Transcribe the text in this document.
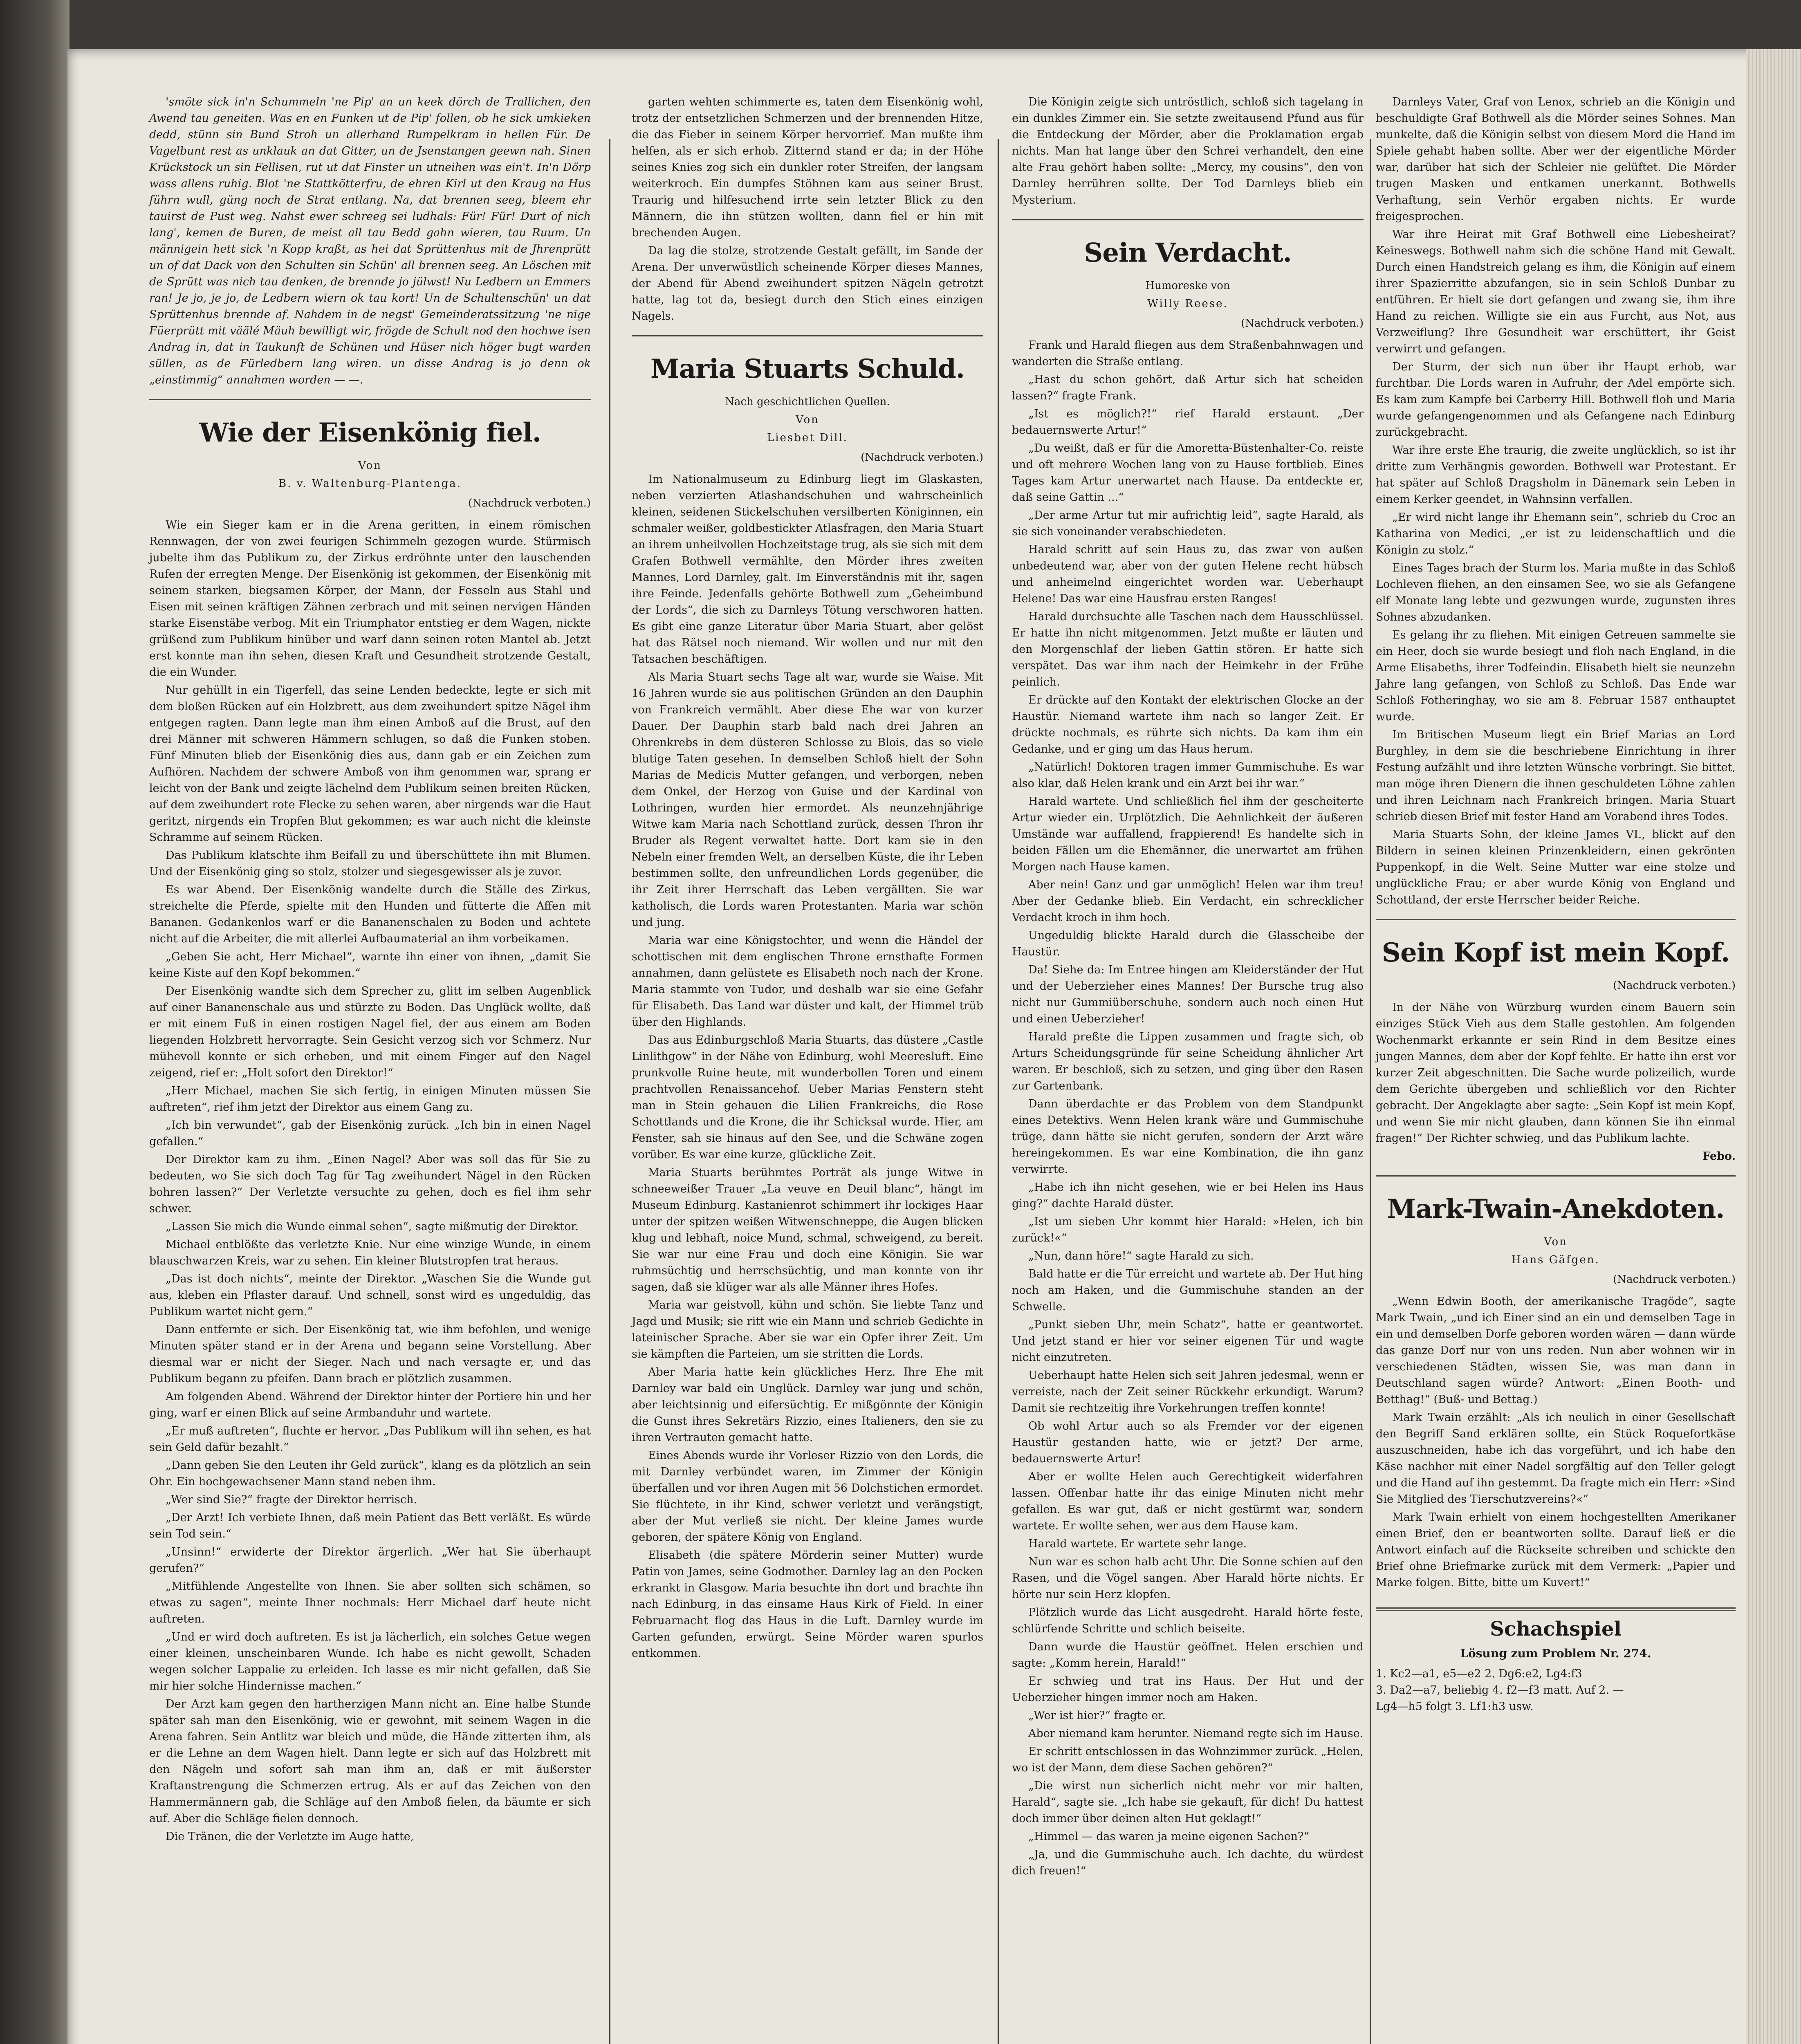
'smöte sick in'n Schummeln 'ne Pip' an un keek dörch de Trallichen, den Awend tau geneiten. Was en en Funken ut de Pip' follen, ob he sick umkieken dedd, stünn sin Bund Stroh un allerhand Rumpelkram in hellen Für. De Vagelbunt rest as unklauk an dat Gitter, un de Jsenstangen geewn nah. Sinen Krückstock un sin Fellisen, rut ut dat Finster un utneihen was ein't. In'n Dörp wass allens ruhig. Blot 'ne Stattkötterfru, de ehren Kirl ut den Kraug na Hus führn wull, güng noch de Strat entlang. Na, dat brennen seeg, bleem ehr tauirst de Pust weg. Nahst ewer schreeg sei ludhals: Für! Für! Durt of nich lang', kemen de Buren, de meist all tau Bedd gahn wieren, tau Ruum. Un männigein hett sick 'n Kopp kraßt, as hei dat Sprüttenhus mit de Jhrenprütt un of dat Dack von den Schulten sin Schün' all brennen seeg. An Löschen mit de Sprütt was nich tau denken, de brennde jo jülwst! Nu Ledbern un Emmers ran! Je jo, je jo, de Ledbern wiern ok tau kort! Un de Schultenschün' un dat Sprüttenhus brennde af. Nahdem in de negst' Gemeinderatssitzung 'ne nige Füerprütt mit väälé Mäuh bewilligt wir, frögde de Schult nod den hochwe isen Andrag in, dat in Taukunft de Schünen und Hüser nich höger bugt warden süllen, as de Fürledbern lang wiren. un disse Andrag is jo denn ok „einstimmig“ annahmen worden — —.

Wie der Eisenkönig fiel.
Von
B. v. Waltenburg-Plantenga.
(Nachdruck verboten.)

Wie ein Sieger kam er in die Arena geritten, in einem römischen Rennwagen, der von zwei feurigen Schimmeln gezogen wurde. Stürmisch jubelte ihm das Publikum zu, der Zirkus erdröhnte unter den lauschenden Rufen der erregten Menge. Der Eisenkönig ist gekommen, der Eisenkönig mit seinem starken, biegsamen Körper, der Mann, der Fesseln aus Stahl und Eisen mit seinen kräftigen Zähnen zerbrach und mit seinen nervigen Händen starke Eisenstäbe verbog. Mit ein Triumphator entstieg er dem Wagen, nickte grüßend zum Publikum hinüber und warf dann seinen roten Mantel ab. Jetzt erst konnte man ihn sehen, diesen Kraft und Gesundheit strotzende Gestalt, die ein Wunder.

Nur gehüllt in ein Tigerfell, das seine Lenden bedeckte, legte er sich mit dem bloßen Rücken auf ein Holzbrett, aus dem zweihundert spitze Nägel ihm entgegen ragten. Dann legte man ihm einen Amboß auf die Brust, auf den drei Männer mit schweren Hämmern schlugen, so daß die Funken stoben. Fünf Minuten blieb der Eisenkönig dies aus, dann gab er ein Zeichen zum Aufhören. Nachdem der schwere Amboß von ihm genommen war, sprang er leicht von der Bank und zeigte lächelnd dem Publikum seinen breiten Rücken, auf dem zweihundert rote Flecke zu sehen waren, aber nirgends war die Haut geritzt, nirgends ein Tropfen Blut gekommen; es war auch nicht die kleinste Schramme auf seinem Rücken.

Das Publikum klatschte ihm Beifall zu und überschüttete ihn mit Blumen. Und der Eisenkönig ging so stolz, stolzer und siegesgewisser als je zuvor.

Es war Abend. Der Eisenkönig wandelte durch die Ställe des Zirkus, streichelte die Pferde, spielte mit den Hunden und fütterte die Affen mit Bananen. Gedankenlos warf er die Bananenschalen zu Boden und achtete nicht auf die Arbeiter, die mit allerlei Aufbaumaterial an ihm vorbeikamen.

„Geben Sie acht, Herr Michael“, warnte ihn einer von ihnen, „damit Sie keine Kiste auf den Kopf bekommen.“

Der Eisenkönig wandte sich dem Sprecher zu, glitt im selben Augenblick auf einer Bananenschale aus und stürzte zu Boden. Das Unglück wollte, daß er mit einem Fuß in einen rostigen Nagel fiel, der aus einem am Boden liegenden Holzbrett hervorragte. Sein Gesicht verzog sich vor Schmerz. Nur mühevoll konnte er sich erheben, und mit einem Finger auf den Nagel zeigend, rief er: „Holt sofort den Direktor!“

„Herr Michael, machen Sie sich fertig, in einigen Minuten müssen Sie auftreten“, rief ihm jetzt der Direktor aus einem Gang zu.

„Ich bin verwundet“, gab der Eisenkönig zurück. „Ich bin in einen Nagel gefallen.“

Der Direktor kam zu ihm. „Einen Nagel? Aber was soll das für Sie zu bedeuten, wo Sie sich doch Tag für Tag zweihundert Nägel in den Rücken bohren lassen?“ Der Verletzte versuchte zu gehen, doch es fiel ihm sehr schwer.

„Lassen Sie mich die Wunde einmal sehen“, sagte mißmutig der Direktor.

Michael entblößte das verletzte Knie. Nur eine winzige Wunde, in einem blauschwarzen Kreis, war zu sehen. Ein kleiner Blutstropfen trat heraus.

„Das ist doch nichts“, meinte der Direktor. „Waschen Sie die Wunde gut aus, kleben ein Pflaster darauf. Und schnell, sonst wird es ungeduldig, das Publikum wartet nicht gern.“

Dann entfernte er sich. Der Eisenkönig tat, wie ihm befohlen, und wenige Minuten später stand er in der Arena und begann seine Vorstellung. Aber diesmal war er nicht der Sieger. Nach und nach versagte er, und das Publikum begann zu pfeifen. Dann brach er plötzlich zusammen.

Am folgenden Abend. Während der Direktor hinter der Portiere hin und her ging, warf er einen Blick auf seine Armbanduhr und wartete.

„Er muß auftreten“, fluchte er hervor. „Das Publikum will ihn sehen, es hat sein Geld dafür bezahlt.“

„Dann geben Sie den Leuten ihr Geld zurück“, klang es da plötzlich an sein Ohr. Ein hochgewachsener Mann stand neben ihm.

„Wer sind Sie?“ fragte der Direktor herrisch.

„Der Arzt! Ich verbiete Ihnen, daß mein Patient das Bett verläßt. Es würde sein Tod sein.“

„Unsinn!“ erwiderte der Direktor ärgerlich. „Wer hat Sie überhaupt gerufen?“

„Mitfühlende Angestellte von Ihnen. Sie aber sollten sich schämen, so etwas zu sagen“, meinte Ihner nochmals: Herr Michael darf heute nicht auftreten.

„Und er wird doch auftreten. Es ist ja lächerlich, ein solches Getue wegen einer kleinen, unscheinbaren Wunde. Ich habe es nicht gewollt, Schaden wegen solcher Lappalie zu erleiden. Ich lasse es mir nicht gefallen, daß Sie mir hier solche Hindernisse machen.“

Der Arzt kam gegen den hartherzigen Mann nicht an. Eine halbe Stunde später sah man den Eisenkönig, wie er gewohnt, mit seinem Wagen in die Arena fahren. Sein Antlitz war bleich und müde, die Hände zitterten ihm, als er die Lehne an dem Wagen hielt. Dann legte er sich auf das Holzbrett mit den Nägeln und sofort sah man ihm an, daß er mit äußerster Kraftanstrengung die Schmerzen ertrug. Als er auf das Zeichen von den Hammermännern gab, die Schläge auf den Amboß fielen, da bäumte er sich auf. Aber die Schläge fielen dennoch.

Die Tränen, die der Verletzte im Auge hatte,

garten wehten schimmerte es, taten dem Eisenkönig wohl, trotz der entsetzlichen Schmerzen und der brennenden Hitze, die das Fieber in seinem Körper hervorrief. Man mußte ihm helfen, als er sich erhob. Zitternd stand er da; in der Höhe seines Knies zog sich ein dunkler roter Streifen, der langsam weiterkroch. Ein dumpfes Stöhnen kam aus seiner Brust. Traurig und hilfesuchend irrte sein letzter Blick zu den Männern, die ihn stützen wollten, dann fiel er hin mit brechenden Augen.

Da lag die stolze, strotzende Gestalt gefällt, im Sande der Arena. Der unverwüstlich scheinende Körper dieses Mannes, der Abend für Abend zweihundert spitzen Nägeln getrotzt hatte, lag tot da, besiegt durch den Stich eines einzigen Nagels.

Maria Stuarts Schuld.
Nach geschichtlichen Quellen.
Von
Liesbet Dill.
(Nachdruck verboten.)

Im Nationalmuseum zu Edinburg liegt im Glaskasten, neben verzierten Atlashandschuhen und wahrscheinlich kleinen, seidenen Stickelschuhen versilberten Königinnen, ein schmaler weißer, goldbestickter Atlasfragen, den Maria Stuart an ihrem unheilvollen Hochzeitstage trug, als sie sich mit dem Grafen Bothwell vermählte, den Mörder ihres zweiten Mannes, Lord Darnley, galt. Im Einverständnis mit ihr, sagen ihre Feinde. Jedenfalls gehörte Bothwell zum „Geheimbund der Lords“, die sich zu Darnleys Tötung verschworen hatten. Es gibt eine ganze Literatur über Maria Stuart, aber gelöst hat das Rätsel noch niemand. Wir wollen und nur mit den Tatsachen beschäftigen.

Als Maria Stuart sechs Tage alt war, wurde sie Waise. Mit 16 Jahren wurde sie aus politischen Gründen an den Dauphin von Frankreich vermählt. Aber diese Ehe war von kurzer Dauer. Der Dauphin starb bald nach drei Jahren an Ohrenkrebs in dem düsteren Schlosse zu Blois, das so viele blutige Taten gesehen. In demselben Schloß hielt der Sohn Marias de Medicis Mutter gefangen, und verborgen, neben dem Onkel, der Herzog von Guise und der Kardinal von Lothringen, wurden hier ermordet. Als neunzehnjährige Witwe kam Maria nach Schottland zurück, dessen Thron ihr Bruder als Regent verwaltet hatte. Dort kam sie in den Nebeln einer fremden Welt, an derselben Küste, die ihr Leben bestimmen sollte, den unfreundlichen Lords gegenüber, die ihr Zeit ihrer Herrschaft das Leben vergällten. Sie war katholisch, die Lords waren Protestanten. Maria war schön und jung.

Maria war eine Königstochter, und wenn die Händel der schottischen mit dem englischen Throne ernsthafte Formen annahmen, dann gelüstete es Elisabeth noch nach der Krone. Maria stammte von Tudor, und deshalb war sie eine Gefahr für Elisabeth. Das Land war düster und kalt, der Himmel trüb über den Highlands.

Das aus Edinburgschloß Maria Stuarts, das düstere „Castle Linlithgow“ in der Nähe von Edinburg, wohl Meeresluft. Eine prunkvolle Ruine heute, mit wunderbollen Toren und einem prachtvollen Renaissancehof. Ueber Marias Fenstern steht man in Stein gehauen die Lilien Frankreichs, die Rose Schottlands und die Krone, die ihr Schicksal wurde. Hier, am Fenster, sah sie hinaus auf den See, und die Schwäne zogen vorüber. Es war eine kurze, glückliche Zeit.

Maria Stuarts berühmtes Porträt als junge Witwe in schneeweißer Trauer „La veuve en Deuil blanc“, hängt im Museum Edinburg. Kastanienrot schimmert ihr lockiges Haar unter der spitzen weißen Witwenschneppe, die Augen blicken klug und lebhaft, noice Mund, schmal, schweigend, zu bereit. Sie war nur eine Frau und doch eine Königin. Sie war ruhmsüchtig und herrschsüchtig, und man konnte von ihr sagen, daß sie klüger war als alle Männer ihres Hofes.

Maria war geistvoll, kühn und schön. Sie liebte Tanz und Jagd und Musik; sie ritt wie ein Mann und schrieb Gedichte in lateinischer Sprache. Aber sie war ein Opfer ihrer Zeit. Um sie kämpften die Parteien, um sie stritten die Lords.

Aber Maria hatte kein glückliches Herz. Ihre Ehe mit Darnley war bald ein Unglück. Darnley war jung und schön, aber leichtsinnig und eifersüchtig. Er mißgönnte der Königin die Gunst ihres Sekretärs Rizzio, eines Italieners, den sie zu ihren Vertrauten gemacht hatte.

Eines Abends wurde ihr Vorleser Rizzio von den Lords, die mit Darnley verbündet waren, im Zimmer der Königin überfallen und vor ihren Augen mit 56 Dolchstichen ermordet. Sie flüchtete, in ihr Kind, schwer verletzt und verängstigt, aber der Mut verließ sie nicht. Der kleine James wurde geboren, der spätere König von England.

Elisabeth (die spätere Mörderin seiner Mutter) wurde Patin von James, seine Godmother. Darnley lag an den Pocken erkrankt in Glasgow. Maria besuchte ihn dort und brachte ihn nach Edinburg, in das einsame Haus Kirk of Field. In einer Februarnacht flog das Haus in die Luft. Darnley wurde im Garten gefunden, erwürgt. Seine Mörder waren spurlos entkommen.

Die Königin zeigte sich untröstlich, schloß sich tagelang in ein dunkles Zimmer ein. Sie setzte zweitausend Pfund aus für die Entdeckung der Mörder, aber die Proklamation ergab nichts. Man hat lange über den Schrei verhandelt, den eine alte Frau gehört haben sollte: „Mercy, my cousins“, den von Darnley herrühren sollte. Der Tod Darnleys blieb ein Mysterium.

Sein Verdacht.
Humoreske von
Willy Reese.
(Nachdruck verboten.)

Frank und Harald fliegen aus dem Straßenbahnwagen und wanderten die Straße entlang.

„Hast du schon gehört, daß Artur sich hat scheiden lassen?“ fragte Frank.

„Ist es möglich?!“ rief Harald erstaunt. „Der bedauernswerte Artur!“

„Du weißt, daß er für die Amoretta-Büstenhalter-Co. reiste und oft mehrere Wochen lang von zu Hause fortblieb. Eines Tages kam Artur unerwartet nach Hause. Da entdeckte er, daß seine Gattin ...“

„Der arme Artur tut mir aufrichtig leid“, sagte Harald, als sie sich voneinander verabschiedeten.

Harald schritt auf sein Haus zu, das zwar von außen unbedeutend war, aber von der guten Helene recht hübsch und anheimelnd eingerichtet worden war. Ueberhaupt Helene! Das war eine Hausfrau ersten Ranges!

Harald durchsuchte alle Taschen nach dem Hausschlüssel. Er hatte ihn nicht mitgenommen. Jetzt mußte er läuten und den Morgenschlaf der lieben Gattin stören. Er hatte sich verspätet. Das war ihm nach der Heimkehr in der Frühe peinlich.

Er drückte auf den Kontakt der elektrischen Glocke an der Haustür. Niemand wartete ihm nach so langer Zeit. Er drückte nochmals, es rührte sich nichts. Da kam ihm ein Gedanke, und er ging um das Haus herum.

„Natürlich! Doktoren tragen immer Gummischuhe. Es war also klar, daß Helen krank und ein Arzt bei ihr war.“

Harald wartete. Und schließlich fiel ihm der gescheiterte Artur wieder ein. Urplötzlich. Die Aehnlichkeit der äußeren Umstände war auffallend, frappierend! Es handelte sich in beiden Fällen um die Ehemänner, die unerwartet am frühen Morgen nach Hause kamen.

Aber nein! Ganz und gar unmöglich! Helen war ihm treu! Aber der Gedanke blieb. Ein Verdacht, ein schrecklicher Verdacht kroch in ihm hoch.

Ungeduldig blickte Harald durch die Glasscheibe der Haustür.

Da! Siehe da: Im Entree hingen am Kleiderständer der Hut und der Ueberzieher eines Mannes! Der Bursche trug also nicht nur Gummiüberschuhe, sondern auch noch einen Hut und einen Ueberzieher!

Harald preßte die Lippen zusammen und fragte sich, ob Arturs Scheidungsgründe für seine Scheidung ähnlicher Art waren. Er beschloß, sich zu setzen, und ging über den Rasen zur Gartenbank.

Dann überdachte er das Problem von dem Standpunkt eines Detektivs. Wenn Helen krank wäre und Gummischuhe trüge, dann hätte sie nicht gerufen, sondern der Arzt wäre hereingekommen. Es war eine Kombination, die ihn ganz verwirrte.

„Habe ich ihn nicht gesehen, wie er bei Helen ins Haus ging?“ dachte Harald düster.

„Ist um sieben Uhr kommt hier Harald: »Helen, ich bin zurück!«“

„Nun, dann höre!“ sagte Harald zu sich.

Bald hatte er die Tür erreicht und wartete ab. Der Hut hing noch am Haken, und die Gummischuhe standen an der Schwelle.

„Punkt sieben Uhr, mein Schatz“, hatte er geantwortet. Und jetzt stand er hier vor seiner eigenen Tür und wagte nicht einzutreten.

Ueberhaupt hatte Helen sich seit Jahren jedesmal, wenn er verreiste, nach der Zeit seiner Rückkehr erkundigt. Warum? Damit sie rechtzeitig ihre Vorkehrungen treffen konnte!

Ob wohl Artur auch so als Fremder vor der eigenen Haustür gestanden hatte, wie er jetzt? Der arme, bedauernswerte Artur!

Aber er wollte Helen auch Gerechtigkeit widerfahren lassen. Offenbar hatte ihr das einige Minuten nicht mehr gefallen. Es war gut, daß er nicht gestürmt war, sondern wartete. Er wollte sehen, wer aus dem Hause kam.

Harald wartete. Er wartete sehr lange.

Nun war es schon halb acht Uhr. Die Sonne schien auf den Rasen, und die Vögel sangen. Aber Harald hörte nichts. Er hörte nur sein Herz klopfen.

Plötzlich wurde das Licht ausgedreht. Harald hörte feste, schlürfende Schritte und schlich beiseite.

Dann wurde die Haustür geöffnet. Helen erschien und sagte: „Komm herein, Harald!“

Er schwieg und trat ins Haus. Der Hut und der Ueberzieher hingen immer noch am Haken.

„Wer ist hier?“ fragte er.

Aber niemand kam herunter. Niemand regte sich im Hause.

Er schritt entschlossen in das Wohnzimmer zurück. „Helen, wo ist der Mann, dem diese Sachen gehören?“

„Die wirst nun sicherlich nicht mehr vor mir halten, Harald“, sagte sie. „Ich habe sie gekauft, für dich! Du hattest doch immer über deinen alten Hut geklagt!“

„Himmel — das waren ja meine eigenen Sachen?“

„Ja, und die Gummischuhe auch. Ich dachte, du würdest dich freuen!“

Darnleys Vater, Graf von Lenox, schrieb an die Königin und beschuldigte Graf Bothwell als die Mörder seines Sohnes. Man munkelte, daß die Königin selbst von diesem Mord die Hand im Spiele gehabt haben sollte. Aber wer der eigentliche Mörder war, darüber hat sich der Schleier nie gelüftet. Die Mörder trugen Masken und entkamen unerkannt. Bothwells Verhaftung, sein Verhör ergaben nichts. Er wurde freigesprochen.

War ihre Heirat mit Graf Bothwell eine Liebesheirat? Keineswegs. Bothwell nahm sich die schöne Hand mit Gewalt. Durch einen Handstreich gelang es ihm, die Königin auf einem ihrer Spazierritte abzufangen, sie in sein Schloß Dunbar zu entführen. Er hielt sie dort gefangen und zwang sie, ihm ihre Hand zu reichen. Willigte sie ein aus Furcht, aus Not, aus Verzweiflung? Ihre Gesundheit war erschüttert, ihr Geist verwirrt und gefangen.

Der Sturm, der sich nun über ihr Haupt erhob, war furchtbar. Die Lords waren in Aufruhr, der Adel empörte sich. Es kam zum Kampfe bei Carberry Hill. Bothwell floh und Maria wurde gefangengenommen und als Gefangene nach Edinburg zurückgebracht.

War ihre erste Ehe traurig, die zweite unglücklich, so ist ihr dritte zum Verhängnis geworden. Bothwell war Protestant. Er hat später auf Schloß Dragsholm in Dänemark sein Leben in einem Kerker geendet, in Wahnsinn verfallen.

„Er wird nicht lange ihr Ehemann sein“, schrieb du Croc an Katharina von Medici, „er ist zu leidenschaftlich und die Königin zu stolz.“

Eines Tages brach der Sturm los. Maria mußte in das Schloß Lochleven fliehen, an den einsamen See, wo sie als Gefangene elf Monate lang lebte und gezwungen wurde, zugunsten ihres Sohnes abzudanken.

Es gelang ihr zu fliehen. Mit einigen Getreuen sammelte sie ein Heer, doch sie wurde besiegt und floh nach England, in die Arme Elisabeths, ihrer Todfeindin. Elisabeth hielt sie neunzehn Jahre lang gefangen, von Schloß zu Schloß. Das Ende war Schloß Fotheringhay, wo sie am 8. Februar 1587 enthauptet wurde.

Im Britischen Museum liegt ein Brief Marias an Lord Burghley, in dem sie die beschriebene Einrichtung in ihrer Festung aufzählt und ihre letzten Wünsche vorbringt. Sie bittet, man möge ihren Dienern die ihnen geschuldeten Löhne zahlen und ihren Leichnam nach Frankreich bringen. Maria Stuart schrieb diesen Brief mit fester Hand am Vorabend ihres Todes.

Maria Stuarts Sohn, der kleine James VI., blickt auf den Bildern in seinen kleinen Prinzenkleidern, einen gekrönten Puppenkopf, in die Welt. Seine Mutter war eine stolze und unglückliche Frau; er aber wurde König von England und Schottland, der erste Herrscher beider Reiche.

Sein Kopf ist mein Kopf.
(Nachdruck verboten.)

In der Nähe von Würzburg wurden einem Bauern sein einziges Stück Vieh aus dem Stalle gestohlen. Am folgenden Wochenmarkt erkannte er sein Rind in dem Besitze eines jungen Mannes, dem aber der Kopf fehlte. Er hatte ihn erst vor kurzer Zeit abgeschnitten. Die Sache wurde polizeilich, wurde dem Gerichte übergeben und schließlich vor den Richter gebracht. Der Angeklagte aber sagte: „Sein Kopf ist mein Kopf, und wenn Sie mir nicht glauben, dann können Sie ihn einmal fragen!“ Der Richter schwieg, und das Publikum lachte.

Febo.
Mark-Twain-Anekdoten.
Von
Hans Gäfgen.
(Nachdruck verboten.)

„Wenn Edwin Booth, der amerikanische Tragöde“, sagte Mark Twain, „und ich Einer sind an ein und demselben Tage in ein und demselben Dorfe geboren worden wären — dann würde das ganze Dorf nur von uns reden. Nun aber wohnen wir in verschiedenen Städten, wissen Sie, was man dann in Deutschland sagen würde? Antwort: „Einen Booth- und Betthag!“ (Buß- und Bettag.)

Mark Twain erzählt: „Als ich neulich in einer Gesellschaft den Begriff Sand erklären sollte, ein Stück Roquefortkäse auszuschneiden, habe ich das vorgeführt, und ich habe den Käse nachher mit einer Nadel sorgfältig auf den Teller gelegt und die Hand auf ihn gestemmt. Da fragte mich ein Herr: »Sind Sie Mitglied des Tierschutzvereins?«“

Mark Twain erhielt von einem hochgestellten Amerikaner einen Brief, den er beantworten sollte. Darauf ließ er die Antwort einfach auf die Rückseite schreiben und schickte den Brief ohne Briefmarke zurück mit dem Vermerk: „Papier und Marke folgen. Bitte, bitte um Kuvert!“

Schachspiel
Lösung zum Problem Nr. 274.
1. Kc2—a1, e5—e2 2. Dg6:e2, Lg4:f3
3. Da2—a7, beliebig 4. f2—f3 matt. Auf 2. —
Lg4—h5 folgt 3. Lf1:h3 usw.
